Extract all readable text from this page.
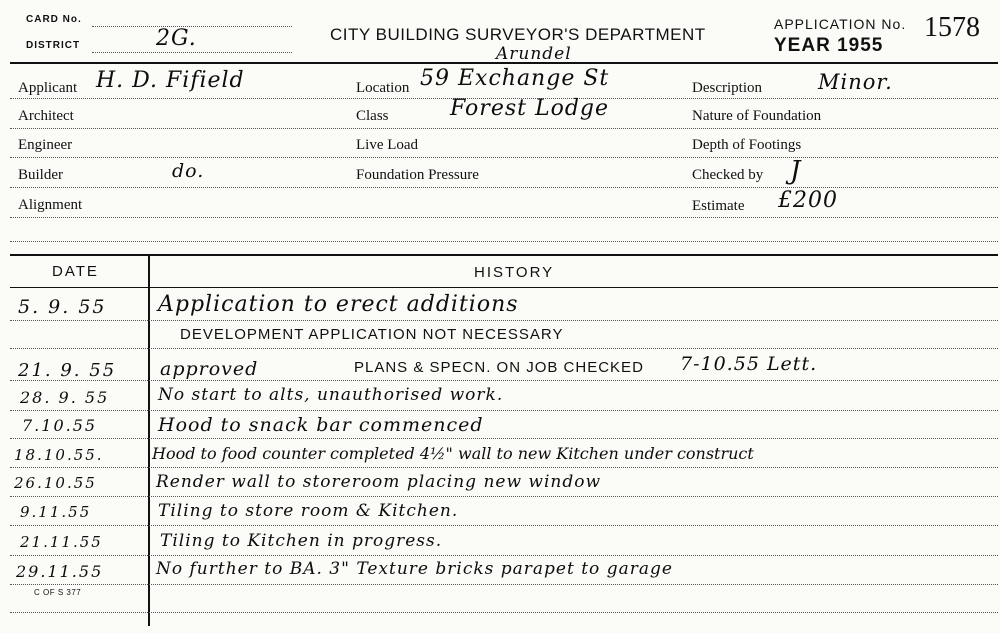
CARD No.
DISTRICT	2G.	CITY BUILDING SURVEYOR'S DEPARTMENT
APPLICATION No. 1578
YEAR 1955
Applicant H. D. Fifield
Architect
Engineer
Builder	do.
Alignment
Location
Arundel
59 Exchange St
Class	Forest Lodge
Live Load
Foundation Pressure
Description	Minor.
Nature of Foundation
Depth of Footings
Checked by J
Estimate £200
DATE	HISTORY
5. 9. 55 Application to erect additions
DEVELOPMENT APPLICATION NOT NECESSARY
21. 9. 55 approved	PLANS & SPECN. ON JOB CHECKED 7-10.55 Lett.
28. 9. 55	No start to alts, unauthorised work.
7.10.55	Hood to snack bar commenced
18.10.55.	Hood to food counter completed 4½" wall to new Kitchen under construct
26.10.55	Render wall to storeroom placing new window
9.11.55	Tiling to store room & Kitchen.
21.11.55	Tiling to Kitchen in progress.
29.11.55	No further to BA. 3" Texture bricks parapet to garage
C OF S 377
